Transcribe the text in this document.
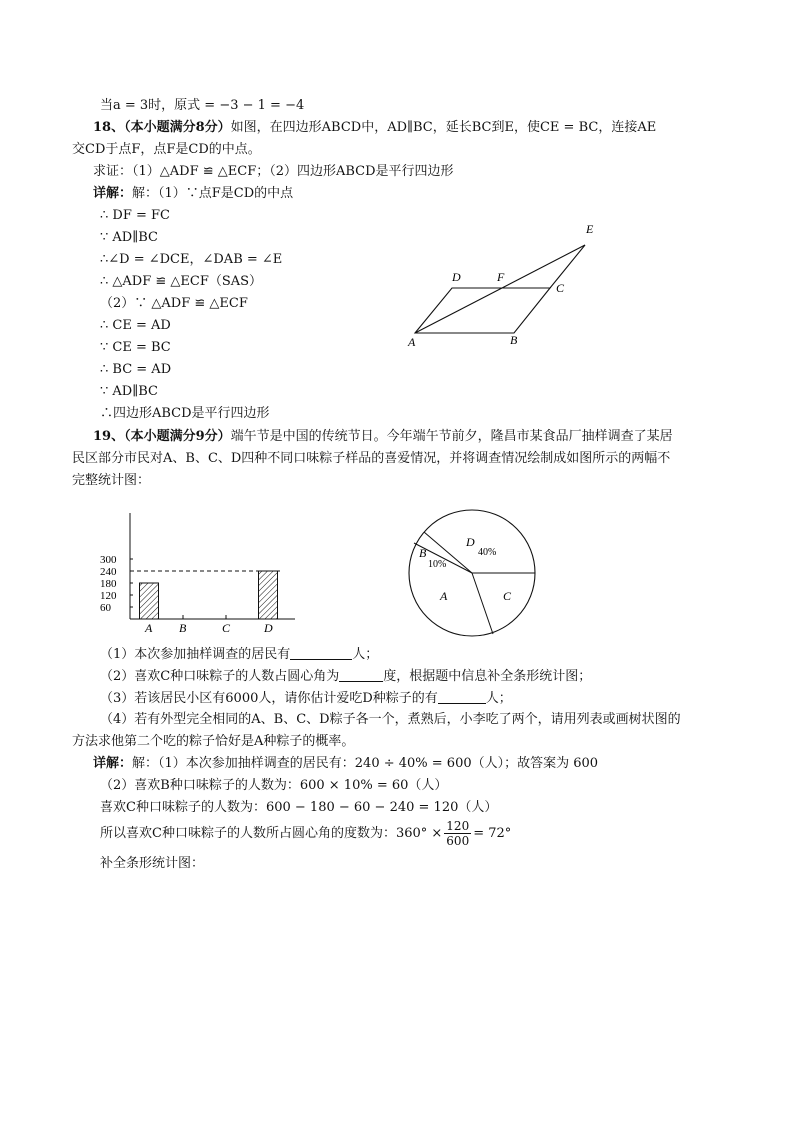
当a = 3时，原式 = −3 − 1 = −4
18、（本小题满分8分）如图，在四边形ABCD中，AD∥BC，延长BC到E，使CE = BC，连接AE
交CD于点F，点F是CD的中点。
求证：（1）△ADF ≌ △ECF；（2）四边形ABCD是平行四边形
详解：解：（1）∵点F是CD的中点
∴ DF = FC
∵ AD∥BC
∴∠D = ∠DCE，∠DAB = ∠E
∴ △ADF ≌ △ECF（SAS）
（2）∵ △ADF ≌ △ECF
∴ CE = AD
∵ CE = BC
∴ BC = AD
∵ AD∥BC
∴四边形ABCD是平行四边形
A	B
C
D
E
F
19、（本小题满分9分）端午节是中国的传统节日。今年端午节前夕，隆昌市某食品厂抽样调查了某居
民区部分市民对A、B、C、D四种不同口味粽子样品的喜爱情况，并将调查情况绘制成如图所示的两幅不
完整统计图：
60
120
180
240
300
A B	C	D
A
B
C
D
10%
40%
（1）本次参加抽样调查的居民有	人；
（2）喜欢C种口味粽子的人数占圆心角为	度，根据题中信息补全条形统计图；
（3）若该居民小区有6000人，请你估计爱吃D种粽子的有	人；
（4）若有外型完全相同的A、B、C、D粽子各一个，煮熟后，小李吃了两个，请用列表或画树状图的
方法求他第二个吃的粽子恰好是A种粽子的概率。
详解：解：（1）本次参加抽样调查的居民有：240 ÷ 40% = 600（人）；故答案为 600
（2）喜欢B种口味粽子的人数为：600 × 10% = 60（人）
喜欢C种口味粽子的人数为：600 − 180 − 60 − 240 = 120（人）
所以喜欢C种口味粽子的人数所占圆心角的度数为：$360^\circ \times \frac{120}{600} = 72^\circ$
补全条形统计图：
